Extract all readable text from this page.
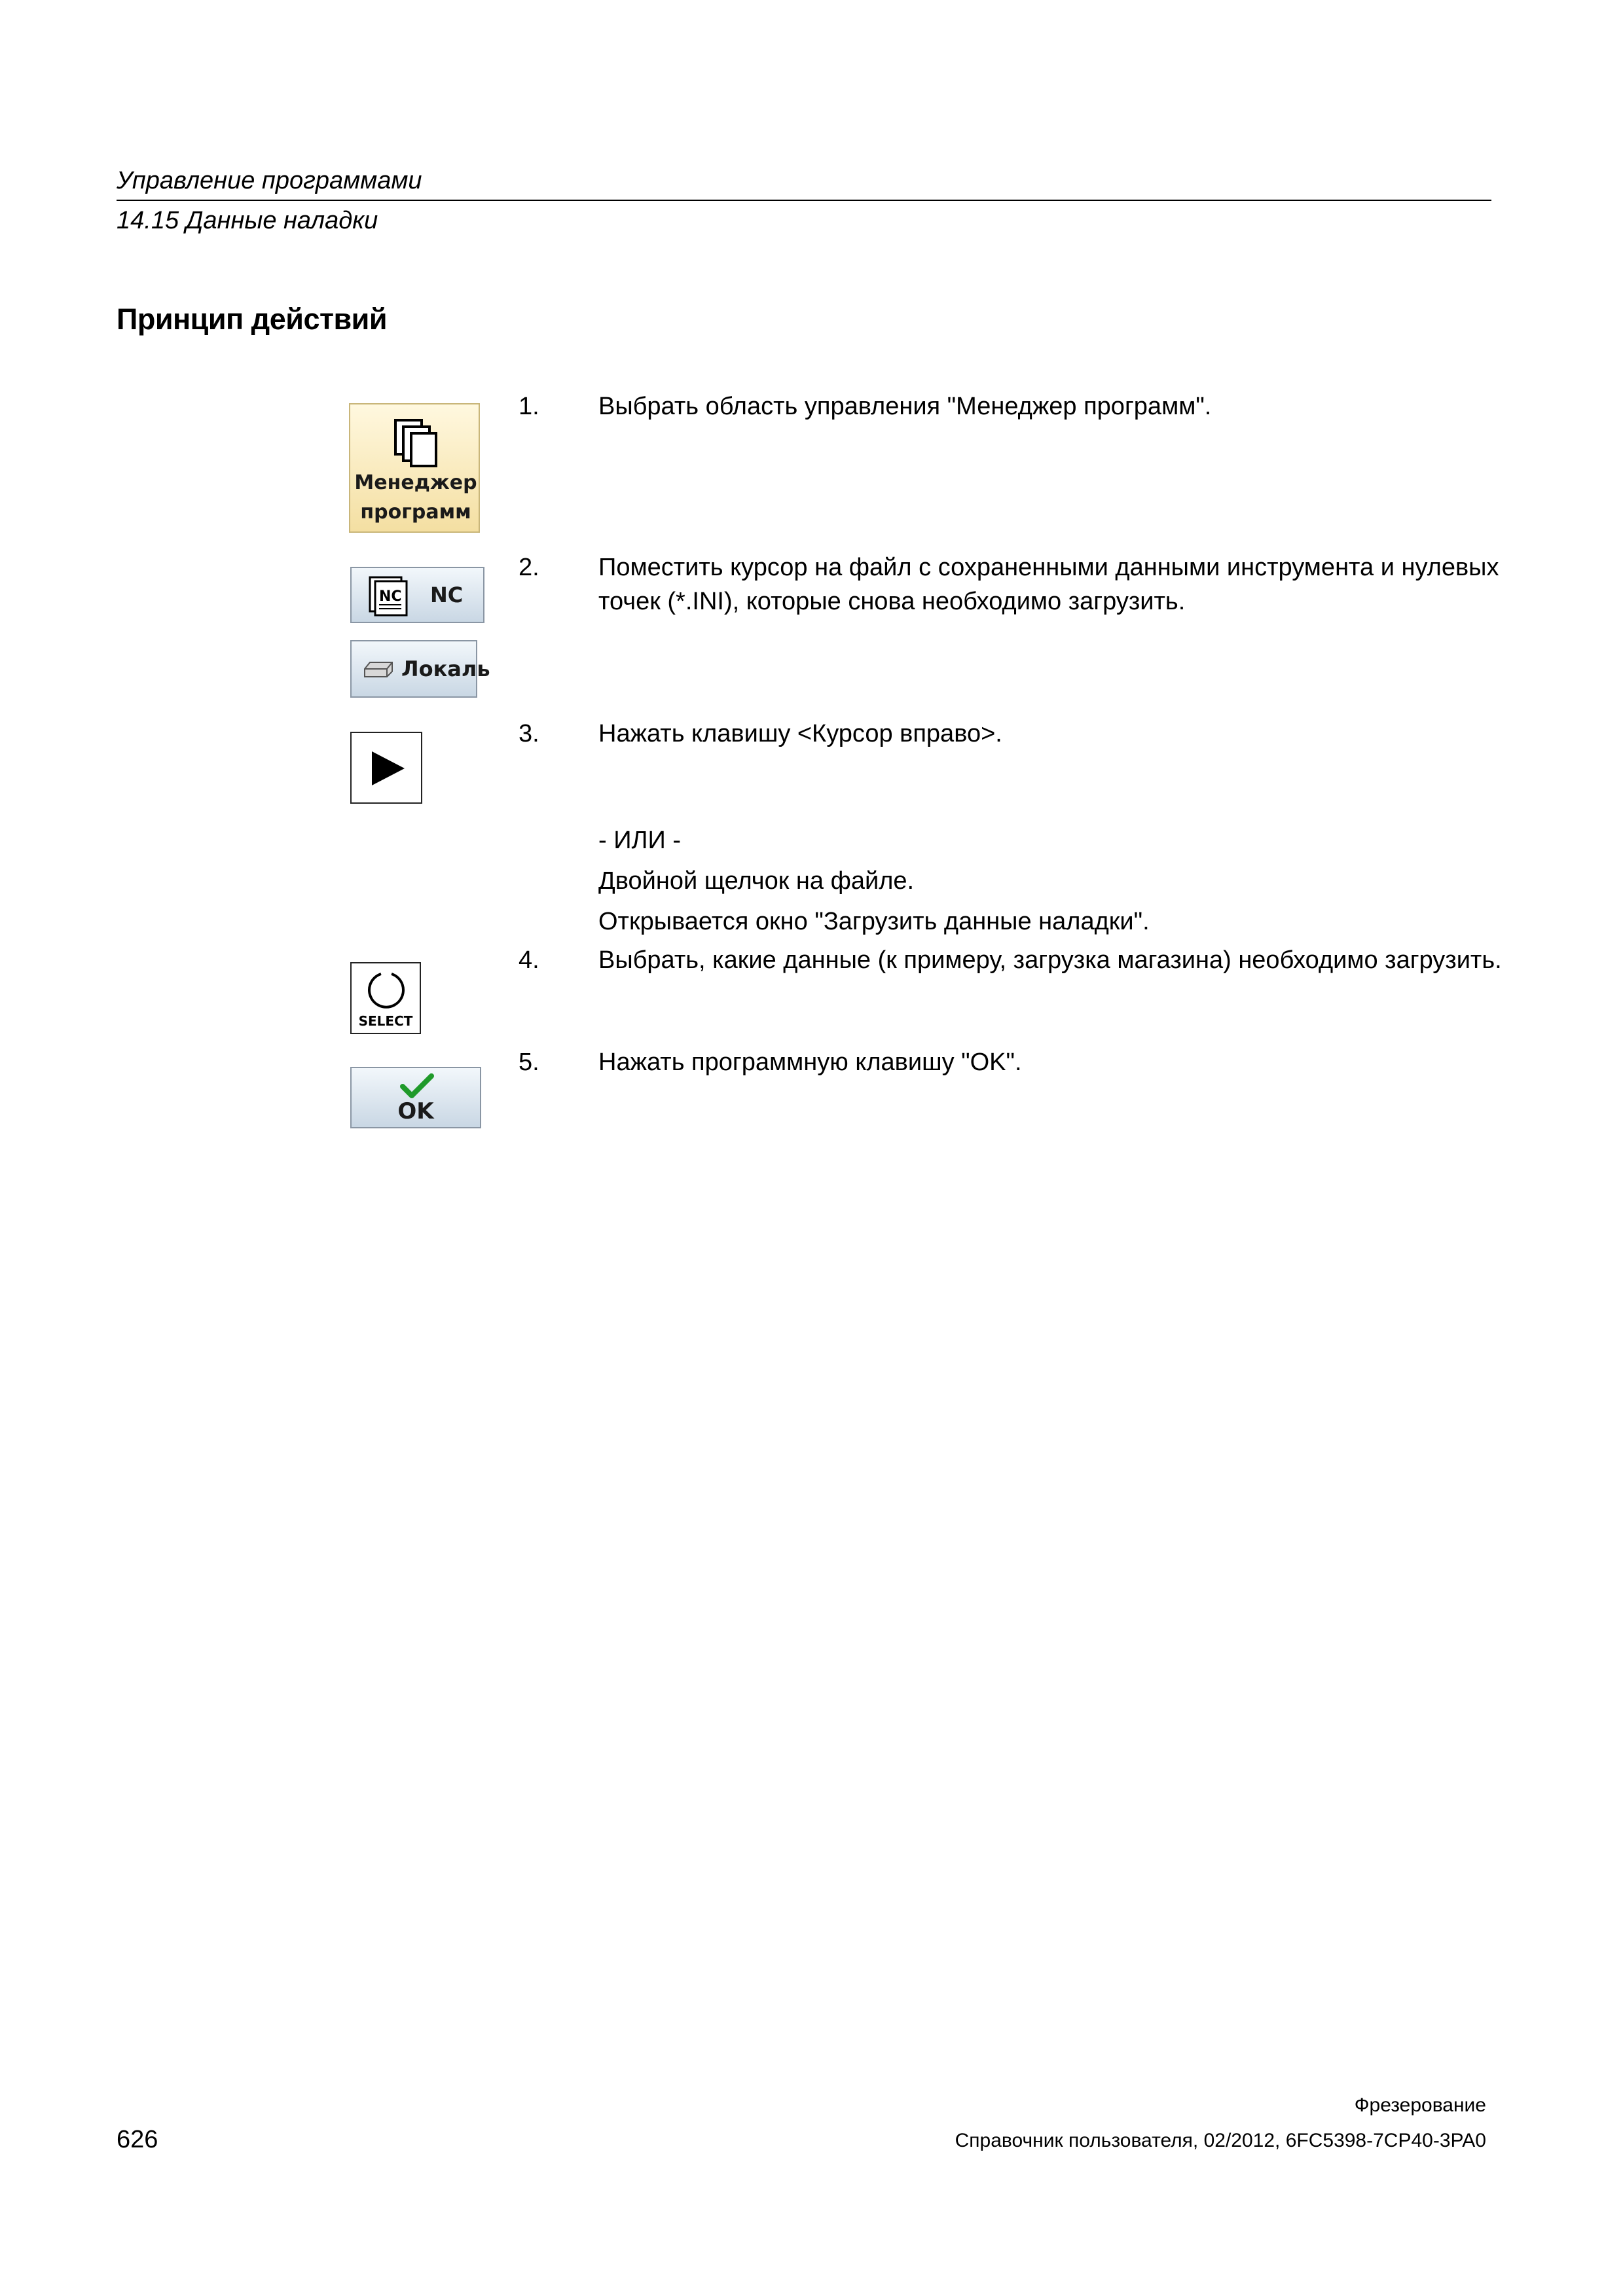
Управление программами
14.15 Данные наладки
Принцип действий
Менеджер
программ
1. Выбрать область управления "Менеджер программ".
NC NC
Локаль
2. Поместить курсор на файл с сохраненными данными инструмента и нулевых точек (*.INI), которые снова необходимо загрузить.
3. Нажать клавишу <Курсор вправо>.
- ИЛИ -
Двойной щелчок на файле.
Открывается окно "Загрузить данные наладки".
SELECT
4. Выбрать, какие данные (к примеру, загрузка магазина) необходимо загрузить.
OK
5. Нажать программную клавишу "OK".
Фрезерование
626	Справочник пользователя, 02/2012, 6FC5398-7CP40-3PA0
